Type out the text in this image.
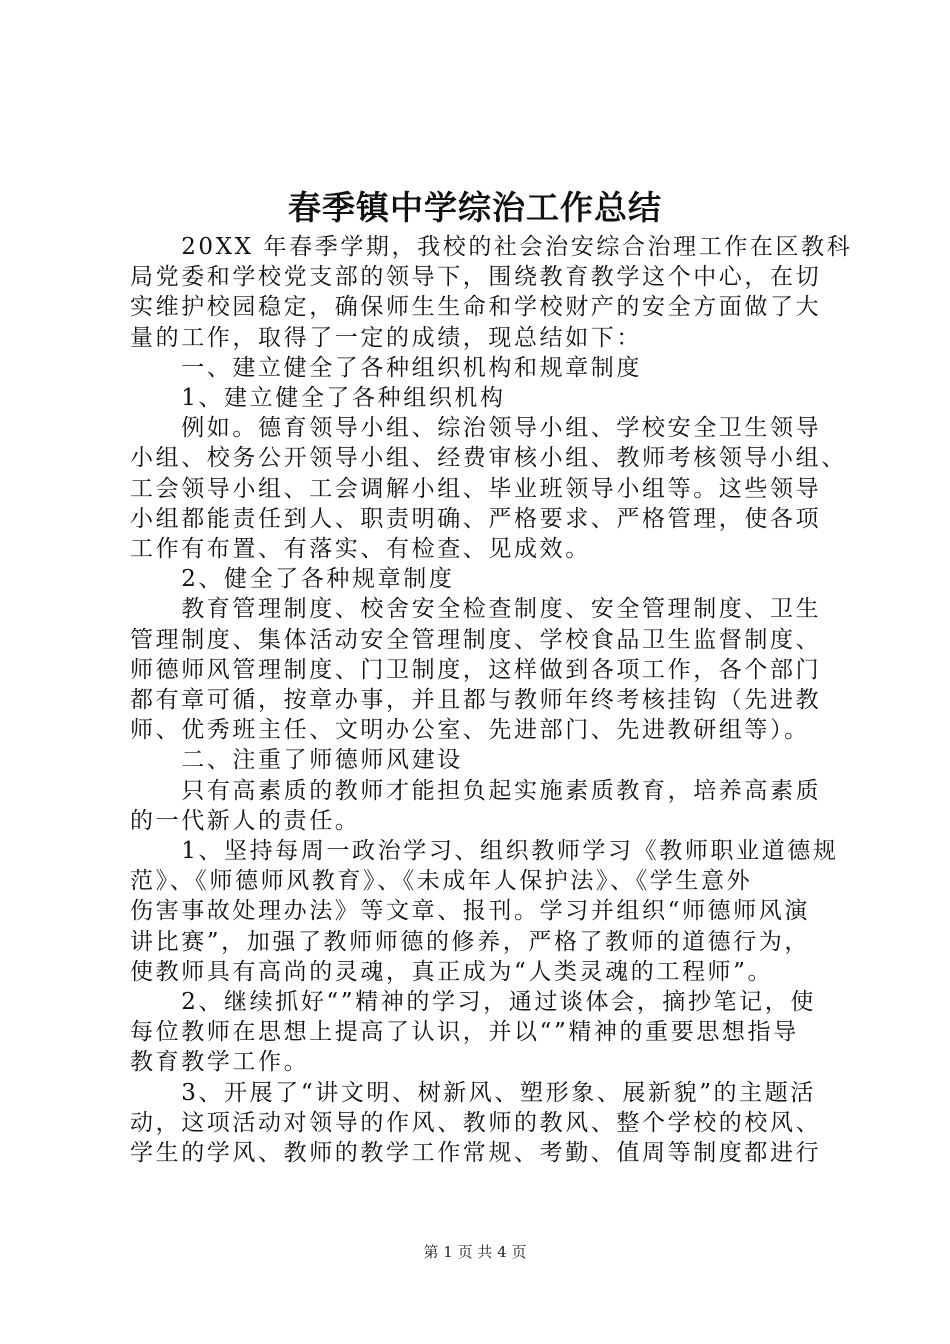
春季镇中学综治工作总结

　　20XX 年春季学期，我校的社会治安综合治理工作在区教科

局党委和学校党支部的领导下，围绕教育教学这个中心，在切

实维护校园稳定，确保师生生命和学校财产的安全方面做了大

量的工作，取得了一定的成绩，现总结如下：

　　一、建立健全了各种组织机构和规章制度

　　1、建立健全了各种组织机构

　　例如。德育领导小组、综治领导小组、学校安全卫生领导

小组、校务公开领导小组、经费审核小组、教师考核领导小组、

工会领导小组、工会调解小组、毕业班领导小组等。这些领导

小组都能责任到人、职责明确、严格要求、严格管理，使各项

工作有布置、有落实、有检查、见成效。

　　2、健全了各种规章制度

　　教育管理制度、校舍安全检查制度、安全管理制度、卫生

管理制度、集体活动安全管理制度、学校食品卫生监督制度、

师德师风管理制度、门卫制度，这样做到各项工作，各个部门

都有章可循，按章办事，并且都与教师年终考核挂钩（先进教

师、优秀班主任、文明办公室、先进部门、先进教研组等）。

　　二、注重了师德师风建设

　　只有高素质的教师才能担负起实施素质教育，培养高素质

的一代新人的责任。

　　1、坚持每周一政治学习、组织教师学习《教师职业道德规

范》、《师德师风教育》、《未成年人保护法》、《学生意外

伤害事故处理办法》等文章、报刊。学习并组织“师德师风演

讲比赛”，加强了教师师德的修养，严格了教师的道德行为，

使教师具有高尚的灵魂，真正成为“人类灵魂的工程师”。

　　2、继续抓好“”精神的学习，通过谈体会，摘抄笔记，使

每位教师在思想上提高了认识，并以“”精神的重要思想指导

教育教学工作。

　　3、开展了“讲文明、树新风、塑形象、展新貌”的主题活

动，这项活动对领导的作风、教师的教风、整个学校的校风、

学生的学风、教师的教学工作常规、考勤、值周等制度都进行

第 1 页 共 4 页
